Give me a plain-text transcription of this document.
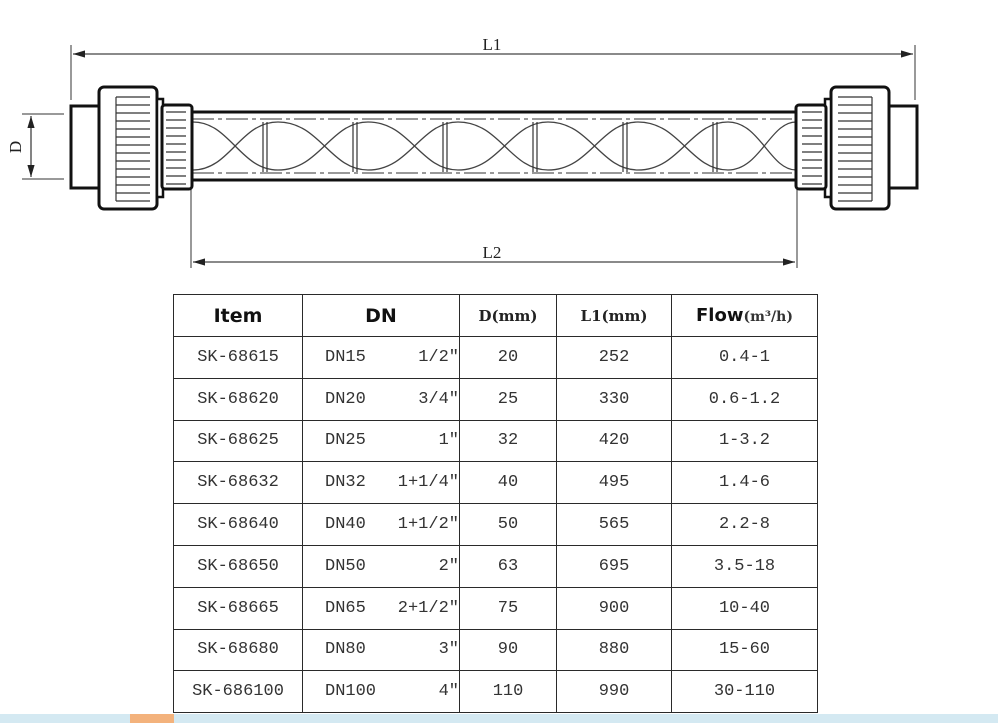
L1
L2
D
Item	DN	D(mm)	L1(mm)	Flow(m³/h)
SK-68615	DN15 1/2″	20	252	0.4-1
SK-68620	DN20 3/4″	25	330	0.6-1.2
SK-68625	DN25 1″	32	420	1-3.2
SK-68632	DN32 1+1/4″	40	495	1.4-6
SK-68640	DN40 1+1/2″	50	565	2.2-8
SK-68650	DN50 2″	63	695	3.5-18
SK-68665	DN65 2+1/2″	75	900	10-40
SK-68680	DN80 3″	90	880	15-60
SK-686100	DN100 4″	110	990	30-110
